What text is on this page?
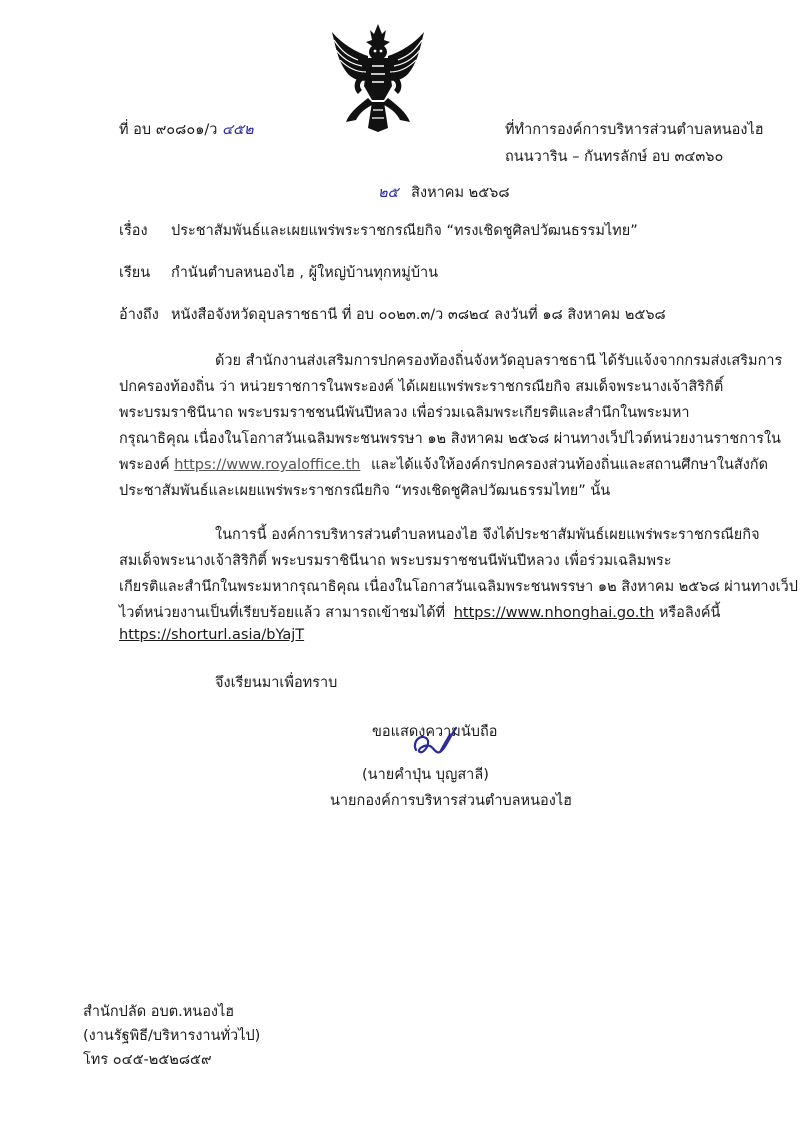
ที่ อบ ๙๐๘๐๑/ว ๔๕๒	ที่ทำการองค์การบริหารส่วนตำบลหนองไฮ
ถนนวาริน – กันทรลักษ์ อบ ๓๔๓๖๐
๒๕ สิงหาคม ๒๕๖๘
เรื่อง ประชาสัมพันธ์และเผยแพร่พระราชกรณียกิจ “ทรงเชิดชูศิลปวัฒนธรรมไทย”
เรียน กำนันตำบลหนองไฮ , ผู้ใหญ่บ้านทุกหมู่บ้าน
อ้างถึง หนังสือจังหวัดอุบลราชธานี ที่ อบ ๐๐๒๓.๓/ว ๓๘๒๔ ลงวันที่ ๑๘ สิงหาคม ๒๕๖๘
ด้วย สำนักงานส่งเสริมการปกครองท้องถิ่นจังหวัดอุบลราชธานี ได้รับแจ้งจากกรมส่งเสริมการ
ปกครองท้องถิ่น ว่า หน่วยราชการในพระองค์ ได้เผยแพร่พระราชกรณียกิจ สมเด็จพระนางเจ้าสิริกิติ์
พระบรมราชินีนาถ พระบรมราชชนนีพันปีหลวง เพื่อร่วมเฉลิมพระเกียรติและสำนึกในพระมหา
กรุณาธิคุณ เนื่องในโอกาสวันเฉลิมพระชนพรรษา ๑๒ สิงหาคม ๒๕๖๘ ผ่านทางเว็ปไวต์หน่วยงานราชการใน
พระองค์ https://www.royaloffice.th และได้แจ้งให้องค์กรปกครองส่วนท้องถิ่นและสถานศึกษาในสังกัด
ประชาสัมพันธ์และเผยแพร่พระราชกรณียกิจ “ทรงเชิดชูศิลปวัฒนธรรมไทย” นั้น
ในการนี้ องค์การบริหารส่วนตำบลหนองไฮ จึงได้ประชาสัมพันธ์เผยแพร่พระราชกรณียกิจ
สมเด็จพระนางเจ้าสิริกิติ์ พระบรมราชินีนาถ พระบรมราชชนนีพันปีหลวง เพื่อร่วมเฉลิมพระ
เกียรติและสำนึกในพระมหากรุณาธิคุณ เนื่องในโอกาสวันเฉลิมพระชนพรรษา ๑๒ สิงหาคม ๒๕๖๘ ผ่านทางเว็ป
ไวต์หน่วยงานเป็นที่เรียบร้อยแล้ว สามารถเข้าชมได้ที่ https://www.nhonghai.go.th หรือลิงค์นี้
https://shorturl.asia/bYajT
จึงเรียนมาเพื่อทราบ
ขอแสดงความนับถือ
(นายคำปุ่น บุญสาลี)
นายกองค์การบริหารส่วนตำบลหนองไฮ
สำนักปลัด อบต.หนองไฮ
(งานรัฐพิธี/บริหารงานทั่วไป)
โทร ๐๔๕-๒๕๒๘๕๙
